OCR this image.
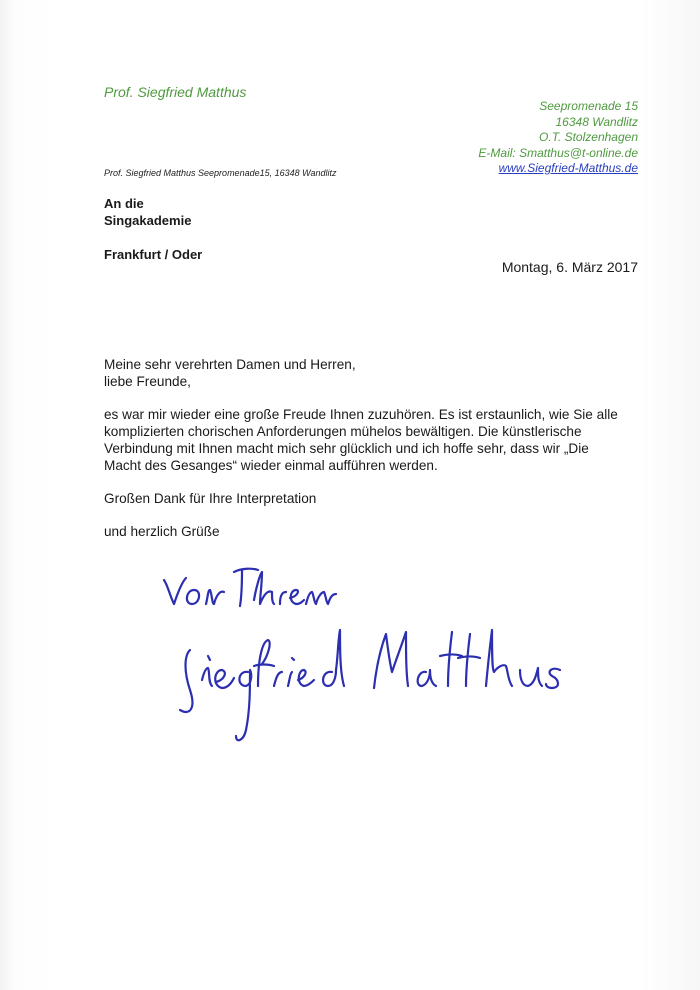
Prof. Siegfried Matthus
Seepromenade 15
16348 Wandlitz
O.T. Stolzenhagen
E-Mail: Smatthus@t-online.de
www.Siegfried-Matthus.de
Prof. Siegfried Matthus Seepromenade15, 16348 Wandlitz
An die
Singakademie
Frankfurt / Oder
Montag, 6. März 2017

Meine sehr verehrten Damen und Herren,
liebe Freunde,

es war mir wieder eine große Freude Ihnen zuzuhören. Es ist erstaunlich, wie Sie alle
komplizierten chorischen Anforderungen mühelos bewältigen. Die künstlerische
Verbindung mit Ihnen macht mich sehr glücklich und ich hoffe sehr, dass wir „Die
Macht des Gesanges“ wieder einmal aufführen werden.

Großen Dank für Ihre Interpretation

und herzlich Grüße
